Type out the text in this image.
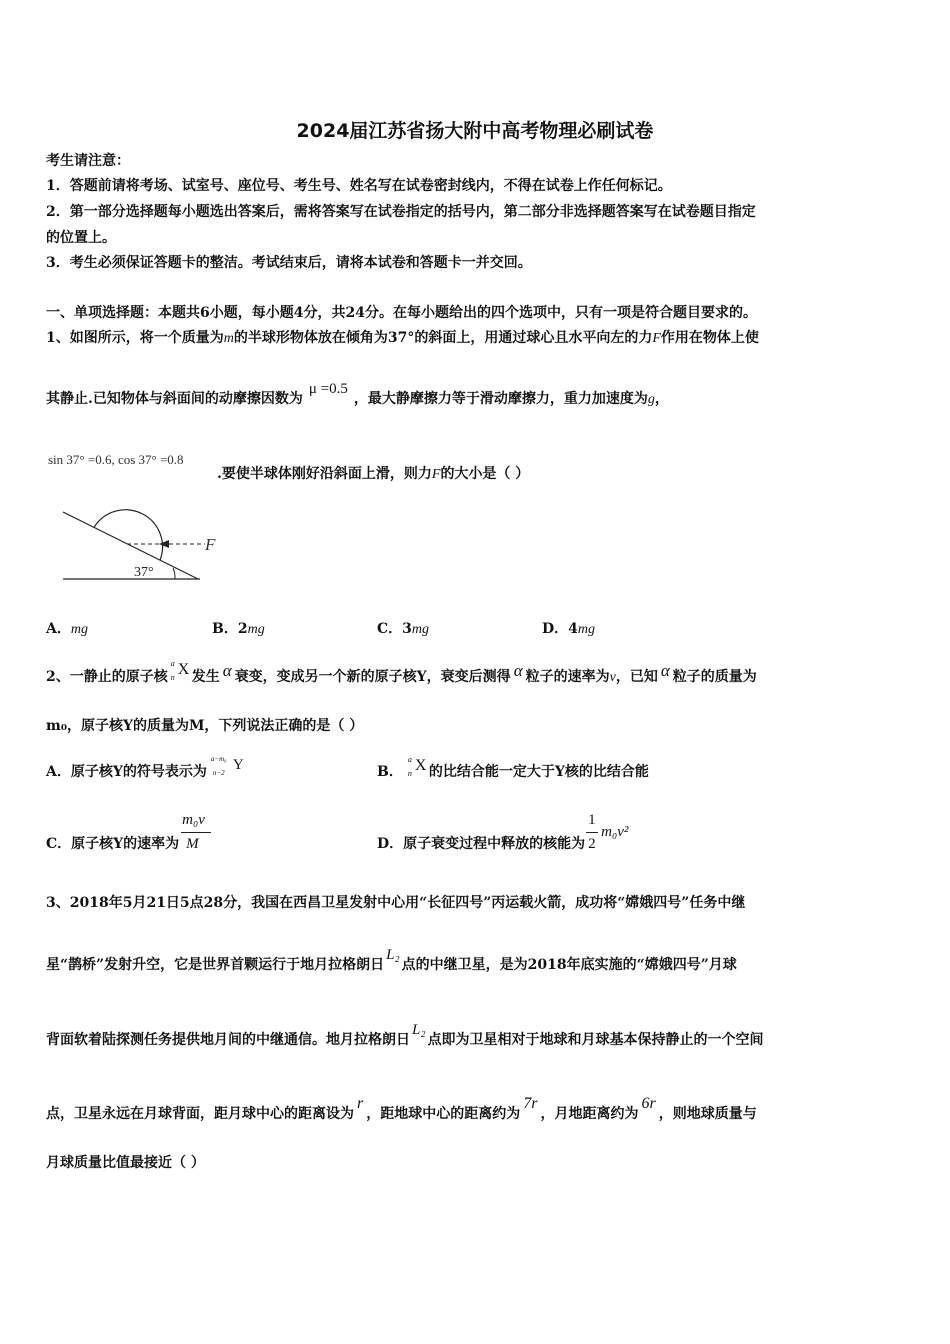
2024届江苏省扬大附中高考物理必刷试卷
考生请注意：
1．答题前请将考场、试室号、座位号、考生号、姓名写在试卷密封线内，不得在试卷上作任何标记。
2．第一部分选择题每小题选出答案后，需将答案写在试卷指定的括号内，第二部分非选择题答案写在试卷题目指定
的位置上。
3．考生必须保证答题卡的整洁。考试结束后，请将本试卷和答题卡一并交回。
一、单项选择题：本题共6小题，每小题4分，共24分。在每小题给出的四个选项中，只有一项是符合题目要求的。
1、如图所示，将一个质量为m的半球形物体放在倾角为37°的斜面上，用通过球心且水平向左的力F作用在物体上使
其静止.已知物体与斜面间的动摩擦因数为μ =0.5，最大静摩擦力等于滑动摩擦力，重力加速度为g，
sin 37° =0.6, cos 37° =0.8
.要使半球体刚好沿斜面上滑，则力F的大小是（ ）
F
37°
A．mg	B．2mg	C．3mg	D．4mg
2、一静止的原子核
a
n X 发生 α 衰变，变成另一个新的原子核Y，衰变后测得 α 粒子的速率为v，已知 α 粒子的质量为
m₀，原子核Y的质量为M，下列说法正确的是（ ）
A．原子核Y的符号表示为
a−m₀
n−2 Y	B．
a
n X 的比结合能一定大于Y核的比结合能
C．原子核Y的速率为 $\frac{\text{m₀v}}{M}$	D．原子衰变过程中释放的核能为
1
2
m₀v²
3、2018年5月21日5点28分，我国在西昌卫星发射中心用“长征四号”丙运载火箭，成功将“嫦娥四号”任务中继
星“鹊桥”发射升空，它是世界首颗运行于地月拉格朗日L₂点的中继卫星，是为2018年底实施的“嫦娥四号”月球
背面软着陆探测任务提供地月间的中继通信。地月拉格朗日L₂点即为卫星相对于地球和月球基本保持静止的一个空间
点，卫星永远在月球背面，距月球中心的距离设为r，距地球中心的距离约为7r，月地距离约为6r，则地球质量与
月球质量比值最接近（ ）
